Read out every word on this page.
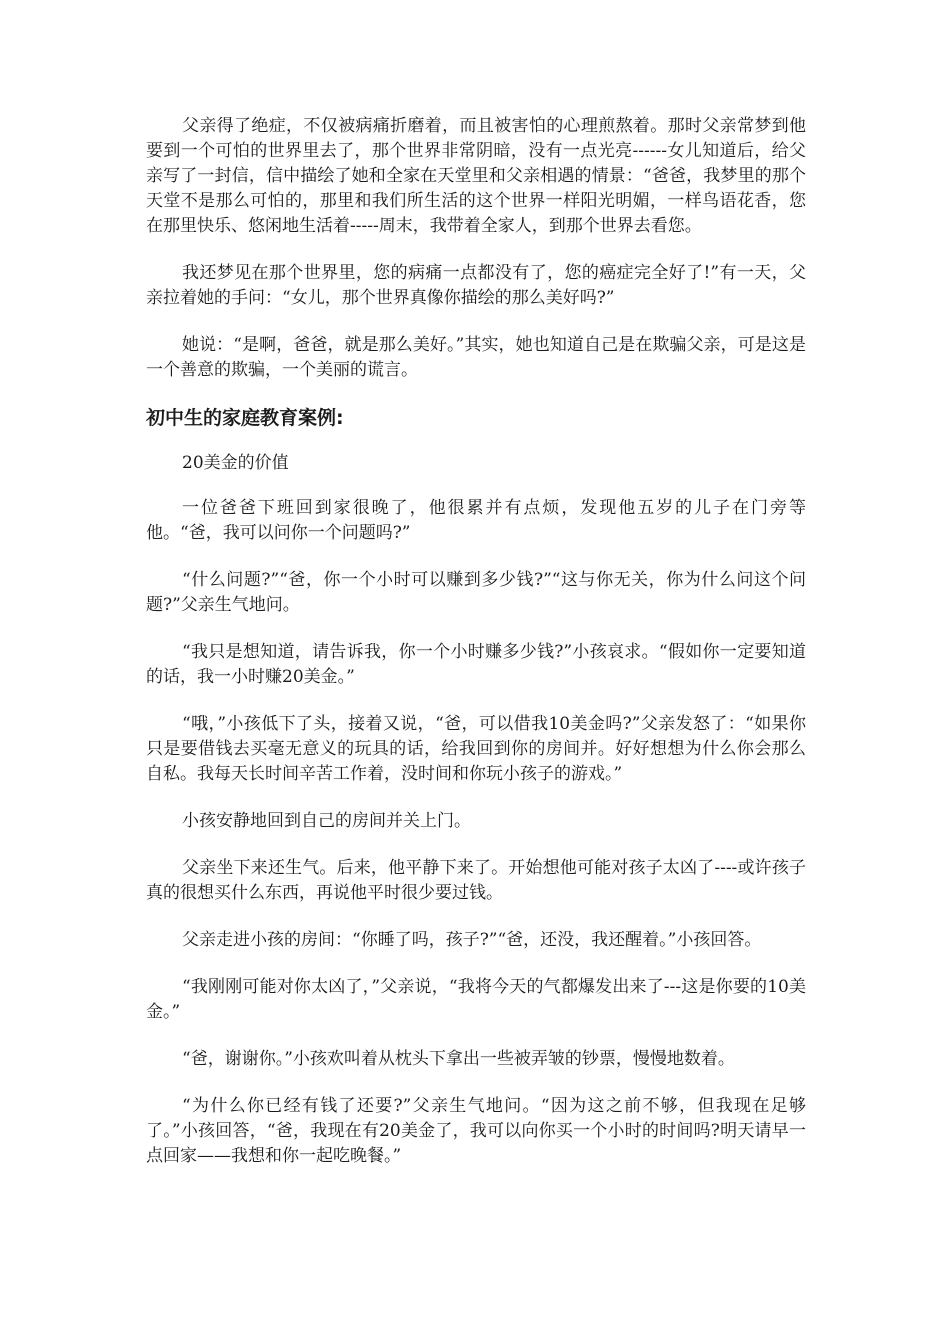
父亲得了绝症，不仅被病痛折磨着，而且被害怕的心理煎熬着。那时父亲常梦到他要到一个可怕的世界里去了，那个世界非常阴暗，没有一点光亮------女儿知道后，给父亲写了一封信，信中描绘了她和全家在天堂里和父亲相遇的情景：“爸爸，我梦里的那个天堂不是那么可怕的，那里和我们所生活的这个世界一样阳光明媚，一样鸟语花香，您在那里快乐、悠闲地生活着-----周末，我带着全家人，到那个世界去看您。

我还梦见在那个世界里，您的病痛一点都没有了，您的癌症完全好了!”有一天，父亲拉着她的手问：“女儿，那个世界真像你描绘的那么美好吗?”

她说：“是啊，爸爸，就是那么美好。”其实，她也知道自己是在欺骗父亲，可是这是一个善意的欺骗，一个美丽的谎言。

初中生的家庭教育案例:

20美金的价值

一位爸爸下班回到家很晚了，他很累并有点烦，发现他五岁的儿子在门旁等他。“爸，我可以问你一个问题吗?”

“什么问题?”“爸，你一个小时可以赚到多少钱?”“这与你无关，你为什么问这个问题?”父亲生气地问。

“我只是想知道，请告诉我，你一个小时赚多少钱?”小孩哀求。“假如你一定要知道的话，我一小时赚20美金。”

“哦，”小孩低下了头，接着又说，“爸，可以借我10美金吗?”父亲发怒了：“如果你只是要借钱去买毫无意义的玩具的话，给我回到你的房间并。好好想想为什么你会那么自私。我每天长时间辛苦工作着，没时间和你玩小孩子的游戏。”

小孩安静地回到自己的房间并关上门。

父亲坐下来还生气。后来，他平静下来了。开始想他可能对孩子太凶了----或许孩子真的很想买什么东西，再说他平时很少要过钱。

父亲走进小孩的房间：“你睡了吗，孩子?”“爸，还没，我还醒着。”小孩回答。

“我刚刚可能对你太凶了，”父亲说，“我将今天的气都爆发出来了---这是你要的10美金。”

“爸，谢谢你。”小孩欢叫着从枕头下拿出一些被弄皱的钞票，慢慢地数着。

“为什么你已经有钱了还要?”父亲生气地问。“因为这之前不够，但我现在足够了。”小孩回答，“爸，我现在有20美金了，我可以向你买一个小时的时间吗?明天请早一点回家——我想和你一起吃晚餐。”
